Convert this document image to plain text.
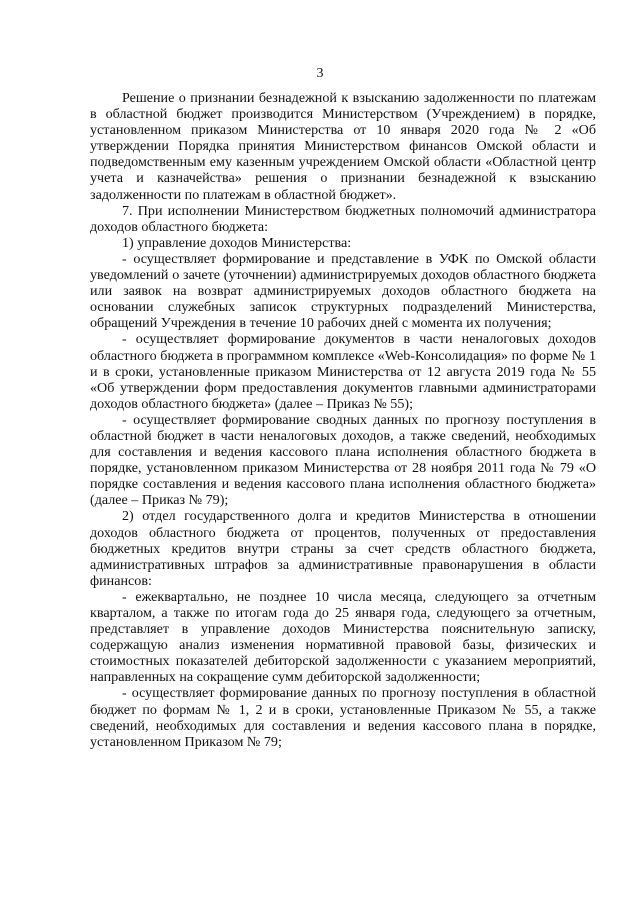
3

Решение о признании безнадежной к взысканию задолженности по платежам в областной бюджет производится Министерством (Учреждением) в порядке, установленном приказом Министерства от 10 января 2020 года № 2 «Об утверждении Порядка принятия Министерством финансов Омской области и подведомственным ему казенным учреждением Омской области «Областной центр учета и казначейства» решения о признании безнадежной к взысканию задолженности по платежам в областной бюджет».

7. При исполнении Министерством бюджетных полномочий администратора доходов областного бюджета:

1) управление доходов Министерства:

- осуществляет формирование и представление в УФК по Омской области уведомлений о зачете (уточнении) администрируемых доходов областного бюджета или заявок на возврат администрируемых доходов областного бюджета на основании служебных записок структурных подразделений Министерства, обращений Учреждения в течение 10 рабочих дней с момента их получения;

- осуществляет формирование документов в части неналоговых доходов областного бюджета в программном комплексе «Web-Консолидация» по форме № 1 и в сроки, установленные приказом Министерства от 12 августа 2019 года № 55 «Об утверждении форм предоставления документов главными администраторами доходов областного бюджета» (далее – Приказ № 55);

- осуществляет формирование сводных данных по прогнозу поступления в областной бюджет в части неналоговых доходов, а также сведений, необходимых для составления и ведения кассового плана исполнения областного бюджета в порядке, установленном приказом Министерства от 28 ноября 2011 года № 79 «О порядке составления и ведения кассового плана исполнения областного бюджета» (далее – Приказ № 79);

2) отдел государственного долга и кредитов Министерства в отношении доходов областного бюджета от процентов, полученных от предоставления бюджетных кредитов внутри страны за счет средств областного бюджета, административных штрафов за административные правонарушения в области финансов:

- ежеквартально, не позднее 10 числа месяца, следующего за отчетным кварталом, а также по итогам года до 25 января года, следующего за отчетным, представляет в управление доходов Министерства пояснительную записку, содержащую анализ изменения нормативной правовой базы, физических и стоимостных показателей дебиторской задолженности с указанием мероприятий, направленных на сокращение сумм дебиторской задолженности;

- осуществляет формирование данных по прогнозу поступления в областной бюджет по формам № 1, 2 и в сроки, установленные Приказом № 55, а также сведений, необходимых для составления и ведения кассового плана в порядке, установленном Приказом № 79;
